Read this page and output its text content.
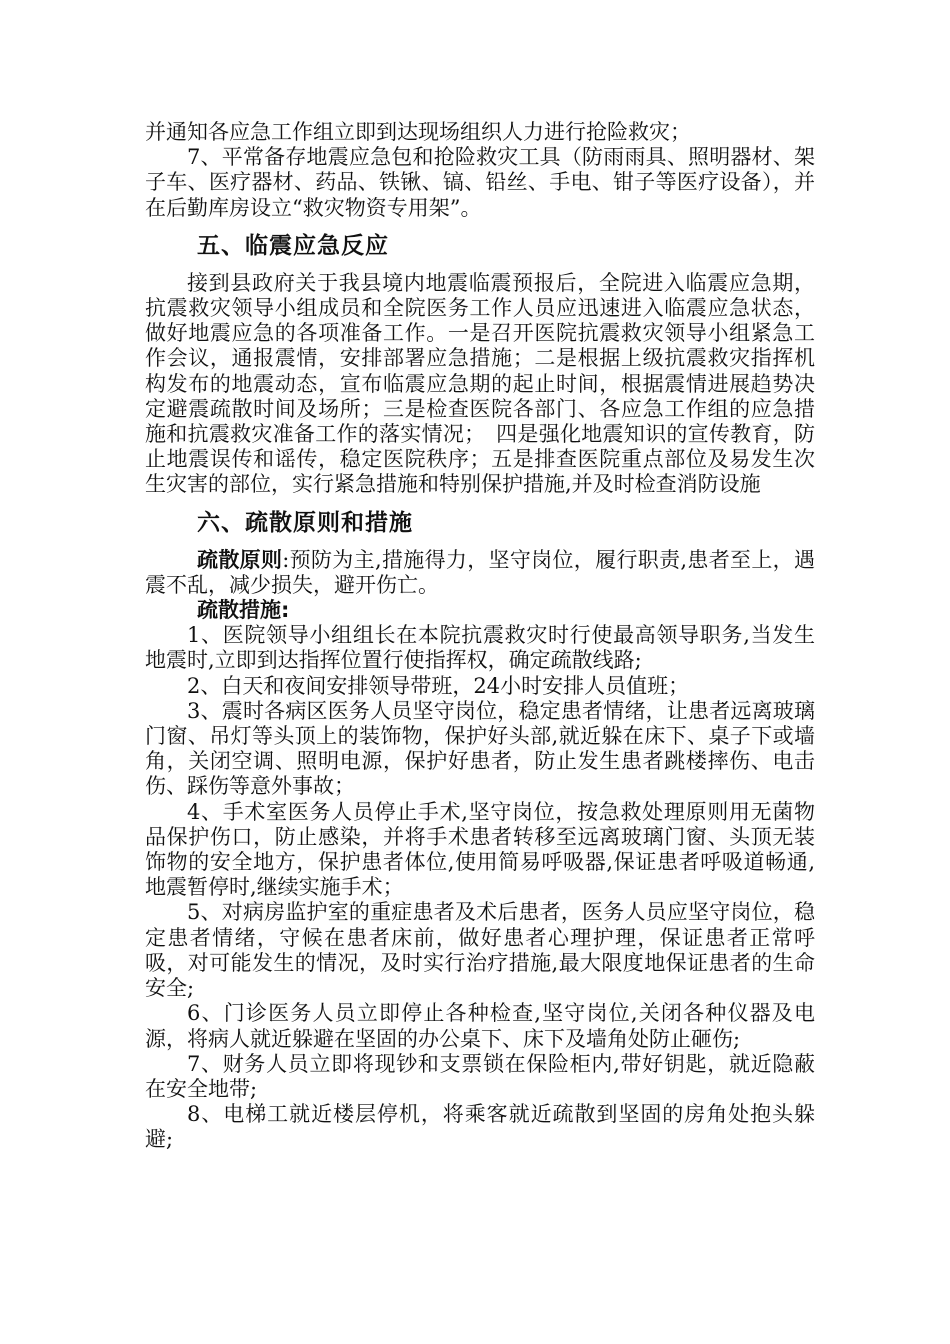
并通知各应急工作组立即到达现场组织人力进行抢险救灾；

7、平常备存地震应急包和抢险救灾工具（防雨雨具、照明器材、架子车、医疗器材、药品、铁锹、镐、铅丝、手电、钳子等医疗设备），并在后勤库房设立“救灾物资专用架”。

五、临震应急反应

接到县政府关于我县境内地震临震预报后，全院进入临震应急期，抗震救灾领导小组成员和全院医务工作人员应迅速进入临震应急状态，做好地震应急的各项准备工作。一是召开医院抗震救灾领导小组紧急工作会议，通报震情，安排部署应急措施；二是根据上级抗震救灾指挥机构发布的地震动态，宣布临震应急期的起止时间，根据震情进展趋势决定避震疏散时间及场所；三是检查医院各部门、各应急工作组的应急措施和抗震救灾准备工作的落实情况；　四是强化地震知识的宣传教育，防止地震误传和谣传，稳定医院秩序；五是排查医院重点部位及易发生次生灾害的部位，实行紧急措施和特别保护措施,并及时检查消防设施

六、疏散原则和措施

疏散原则:预防为主,措施得力，坚守岗位，履行职责,患者至上，遇震不乱，减少损失，避开伤亡。

疏散措施:

1、医院领导小组组长在本院抗震救灾时行使最高领导职务,当发生地震时,立即到达指挥位置行使指挥权，确定疏散线路;

2、白天和夜间安排领导带班，24小时安排人员值班；

3、震时各病区医务人员坚守岗位，稳定患者情绪，让患者远离玻璃门窗、吊灯等头顶上的装饰物，保护好头部,就近躲在床下、桌子下或墙角，关闭空调、照明电源，保护好患者，防止发生患者跳楼摔伤、电击伤、踩伤等意外事故；

4、手术室医务人员停止手术,坚守岗位，按急救处理原则用无菌物品保护伤口，防止感染，并将手术患者转移至远离玻璃门窗、头顶无装饰物的安全地方，保护患者体位,使用简易呼吸器,保证患者呼吸道畅通,地震暂停时,继续实施手术；

5、对病房监护室的重症患者及术后患者，医务人员应坚守岗位，稳定患者情绪，守候在患者床前，做好患者心理护理，保证患者正常呼吸，对可能发生的情况，及时实行治疗措施,最大限度地保证患者的生命安全;

6、门诊医务人员立即停止各种检查,坚守岗位,关闭各种仪器及电源，将病人就近躲避在坚固的办公桌下、床下及墙角处防止砸伤;

7、财务人员立即将现钞和支票锁在保险柜内,带好钥匙，就近隐蔽在安全地带;

8、电梯工就近楼层停机，将乘客就近疏散到坚固的房角处抱头躲避;
